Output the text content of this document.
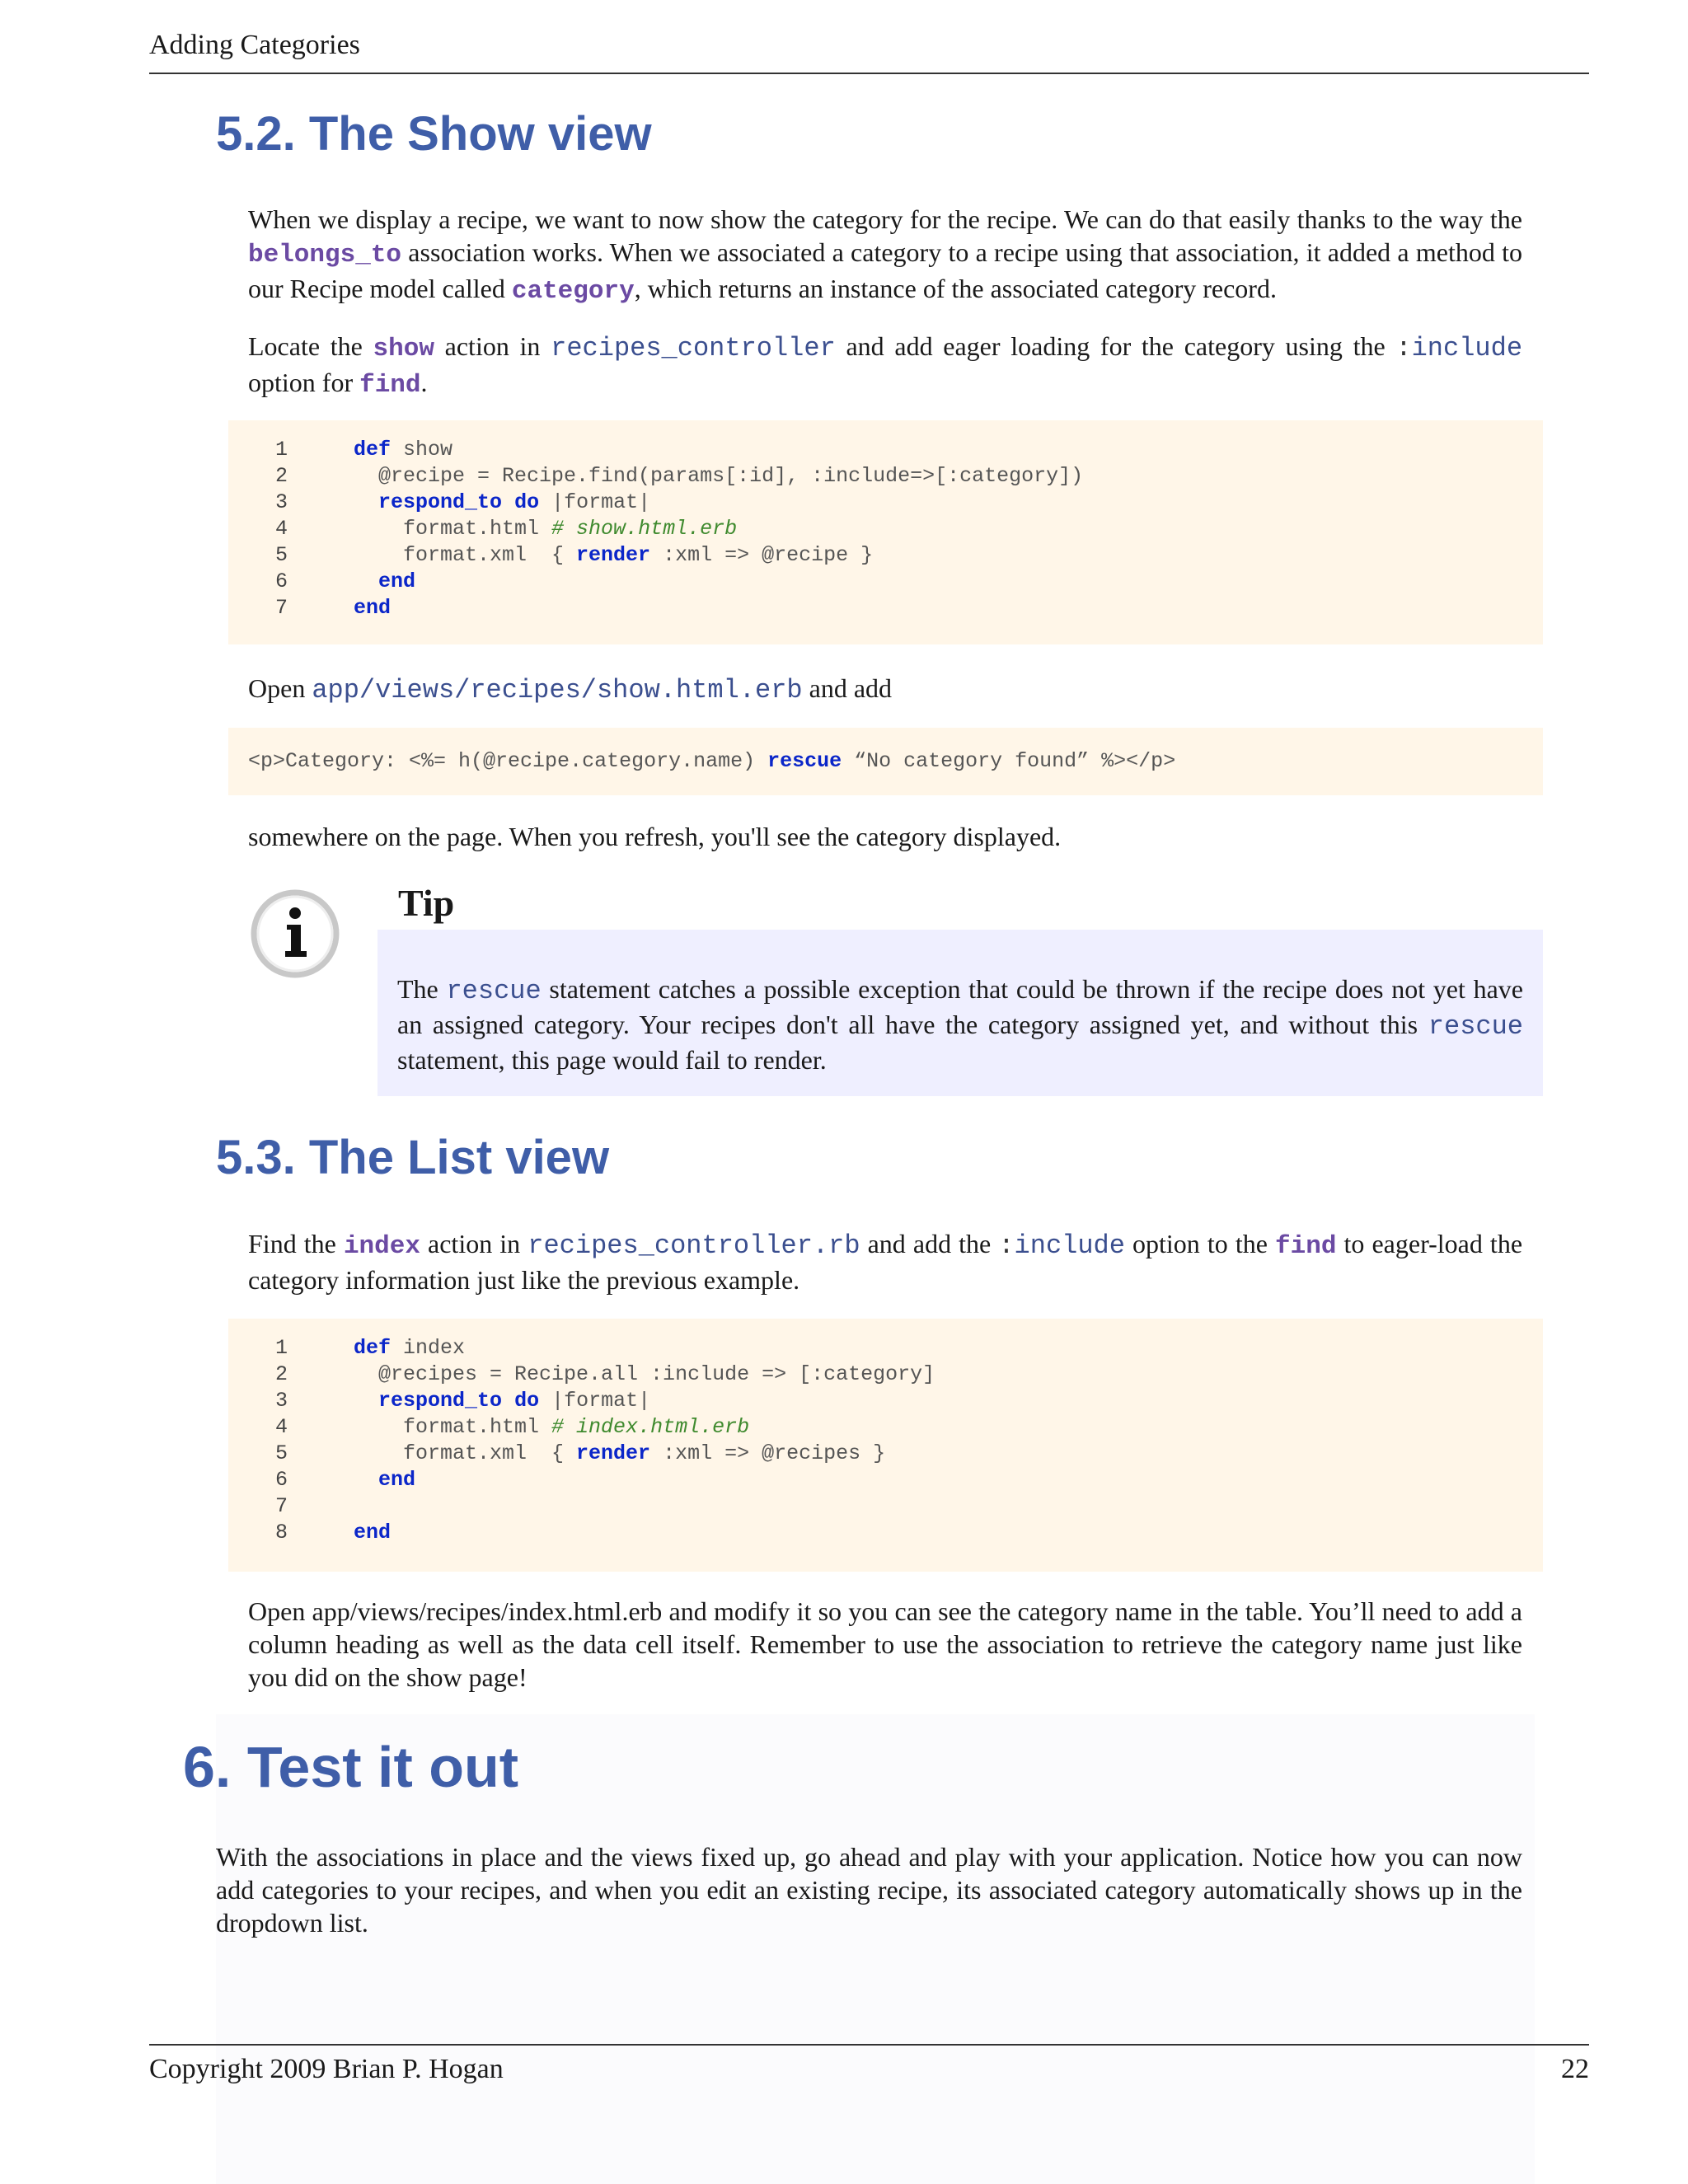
Adding Categories
5.2. The Show view

When we display a recipe, we want to now show the category for the recipe. We can do that easily thanks to the way the belongs_to association works. When we associated a category to a recipe using that association, it added a method to our Recipe model called category, which returns an instance of the associated category record.

Locate the show action in recipes_controller and add eager loading for the category using the :include option for find.

1	def show
2	@recipe = Recipe.find(params[:id], :include=>[:category])
3	respond_to do |format|
4	format.html # show.html.erb
5	format.xml  { render :xml => @recipe }
6	end
7	end

Open app/views/recipes/show.html.erb and add

<p>Category: <%= h(@recipe.category.name) rescue “No category found” %></p>

somewhere on the page. When you refresh, you'll see the category displayed.

Tip

The rescue statement catches a possible exception that could be thrown if the recipe does not yet have an assigned category. Your recipes don't all have the category assigned yet, and without this rescue statement, this page would fail to render.

5.3. The List view

Find the index action in recipes_controller.rb and add the :include option to the find to eager-load the category information just like the previous example.

1	def index
2	@recipes = Recipe.all :include => [:category]
3	respond_to do |format|
4	format.html # index.html.erb
5	format.xml  { render :xml => @recipes }
6	end
7
8	end

Open app/views/recipes/index.html.erb and modify it so you can see the category name in the table. You’ll need to add a column heading as well as the data cell itself. Remember to use the association to retrieve the category name just like you did on the show page!

6. Test it out

With the associations in place and the views fixed up, go ahead and play with your application. Notice how you can now add categories to your recipes, and when you edit an existing recipe, its associated category automatically shows up in the dropdown list.

Copyright 2009 Brian P. Hogan	22
